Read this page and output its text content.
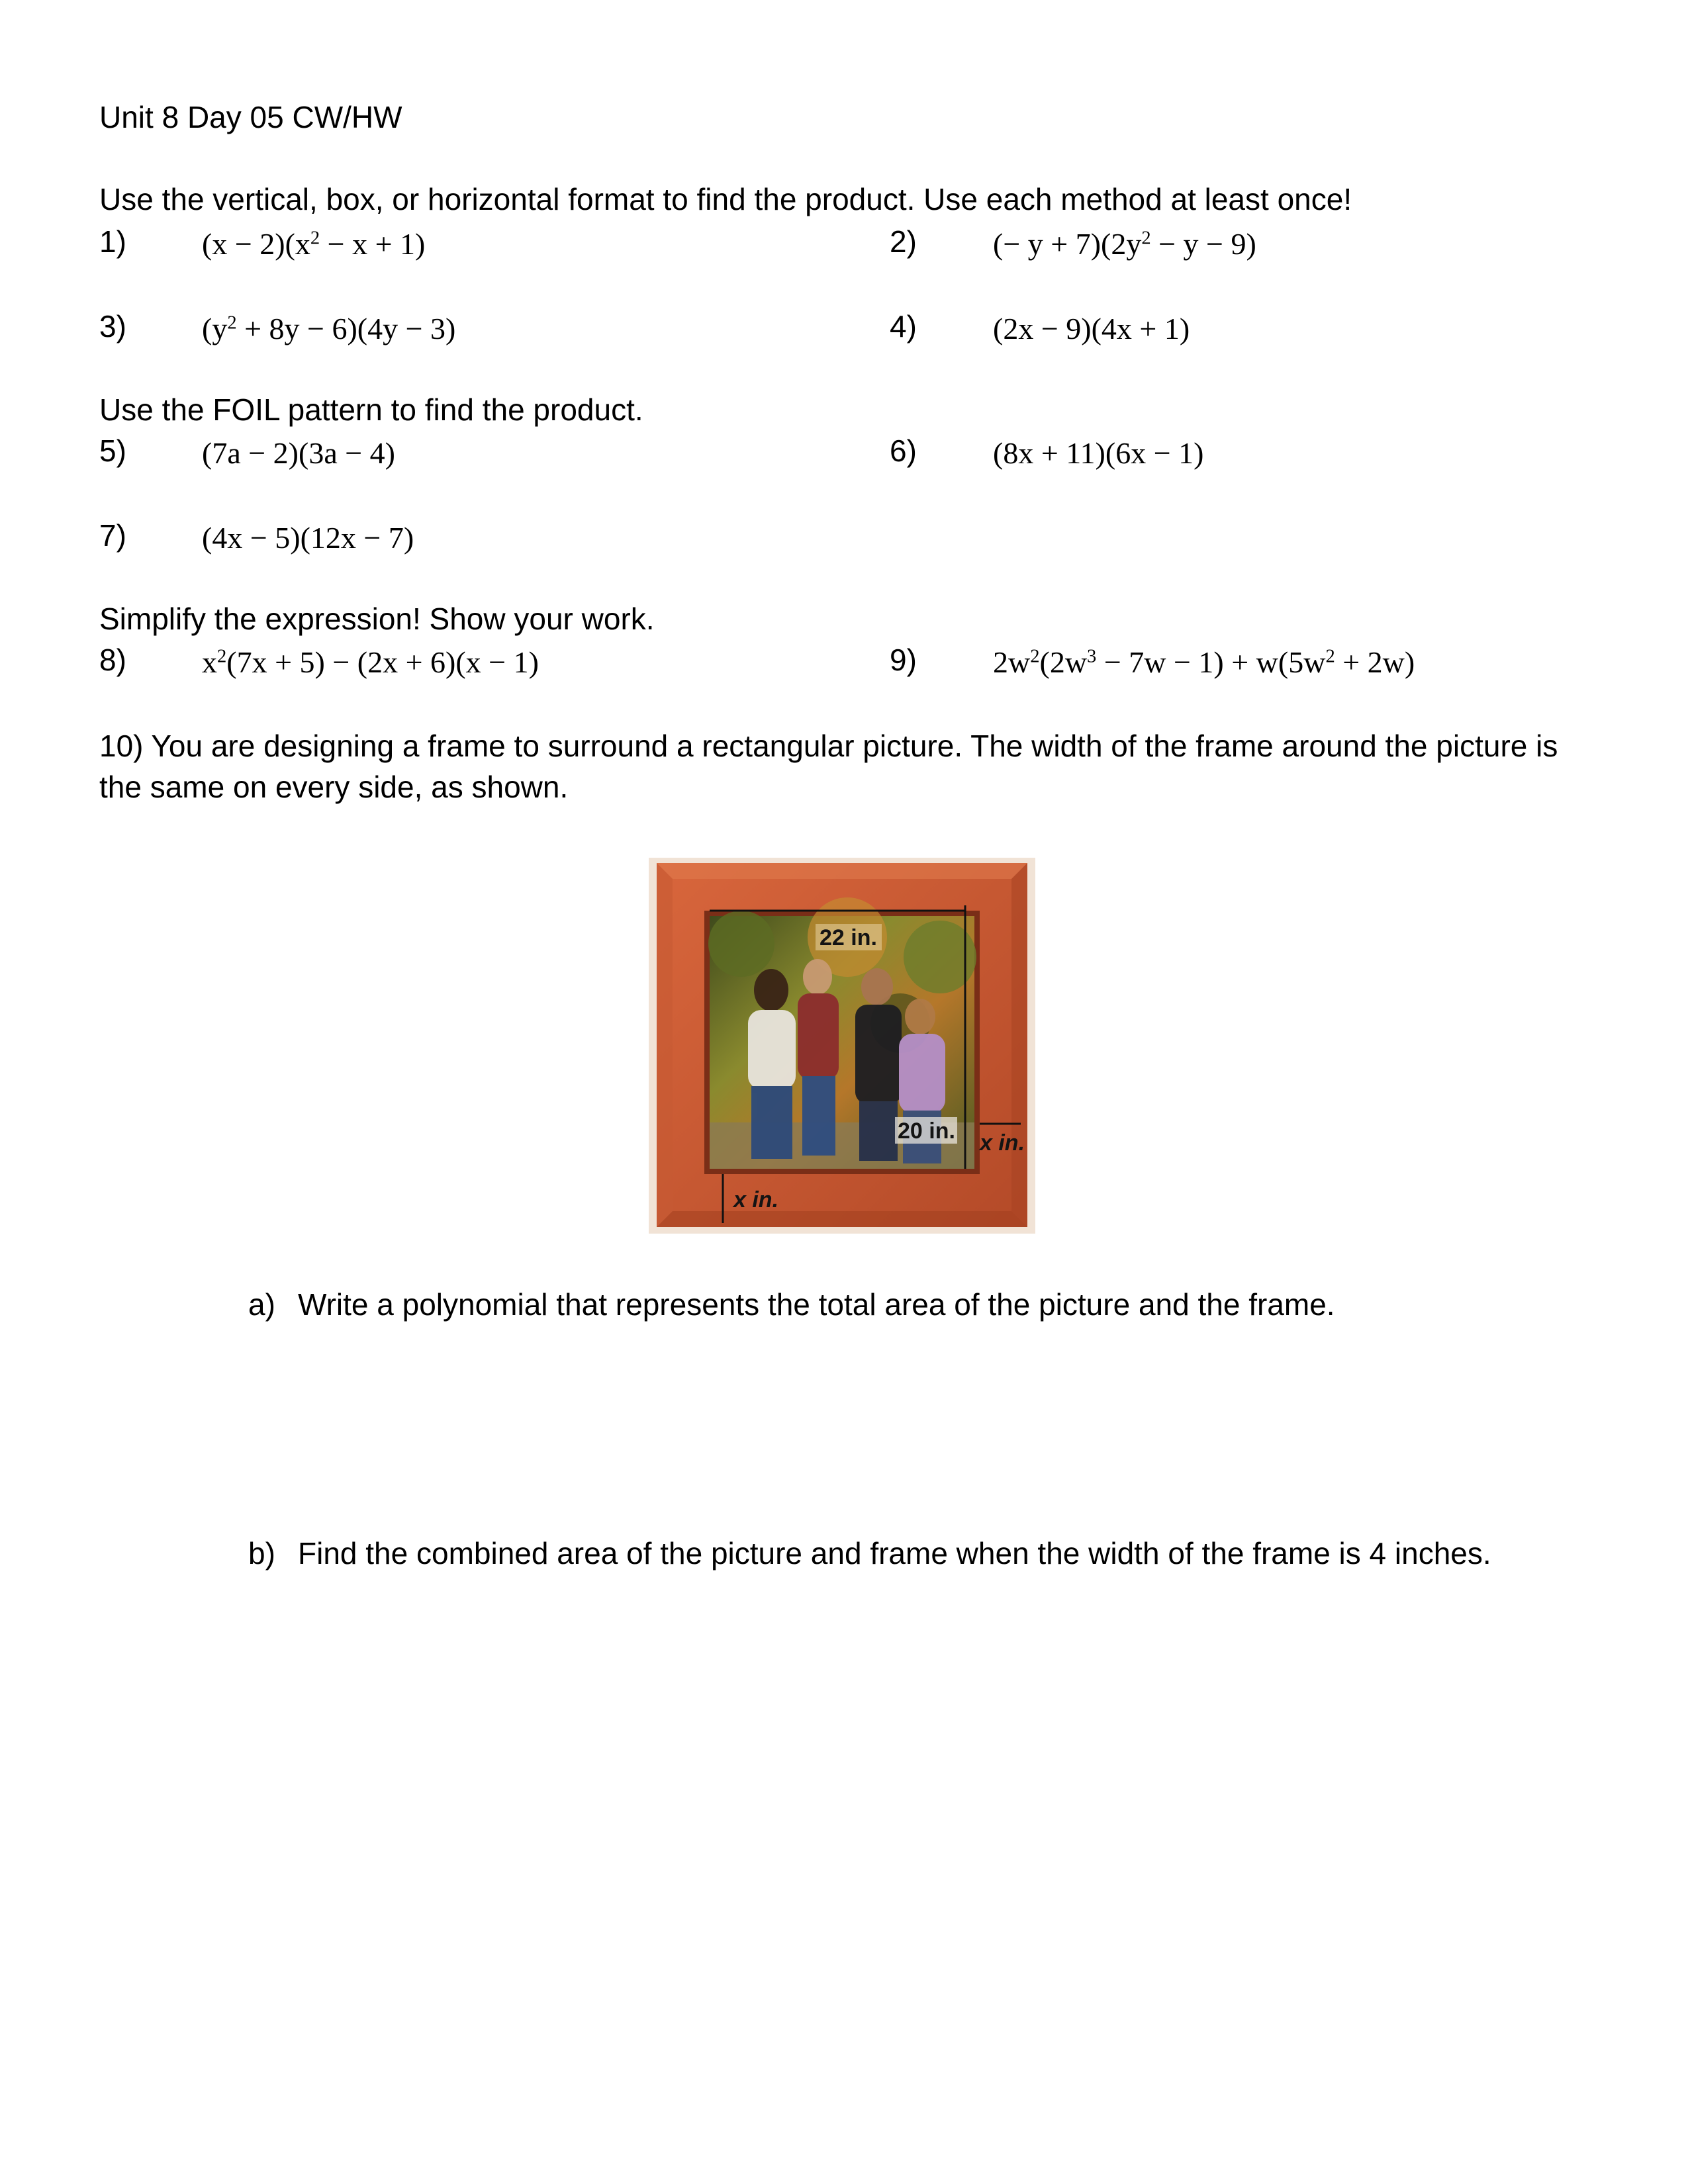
Unit 8 Day 05 CW/HW
Use the vertical, box, or horizontal format to find the product. Use each method at least once!
1) $(x - 2)(x^2 - x + 1)$	2)	(− $y + 7)(2y^2 - y - 9)$
3) $(y^2 + 8y - 6)(4y - 3)$	4)	(2x − 9)(4x + 1)
Use the FOIL pattern to find the product.
5) (7a − 2)(3a − 4)	6)	(8x + 11)(6x − 1)
7) (4x − 5)(12x − 7)
Simplify the expression! Show your work.
8) $x^2(7x + 5) - (2x + 6)(x - 1)$	9)	$2w^2(2w^3 - 7w - 1) + w(5w^2 + 2w)$
10) You are designing a frame to surround a rectangular picture. The width of the frame around the picture is the same on every side, as shown.
22 in.
20 in. x in.
x in.
a) Write a polynomial that represents the total area of the picture and the frame.
b) Find the combined area of the picture and frame when the width of the frame is 4 inches.
